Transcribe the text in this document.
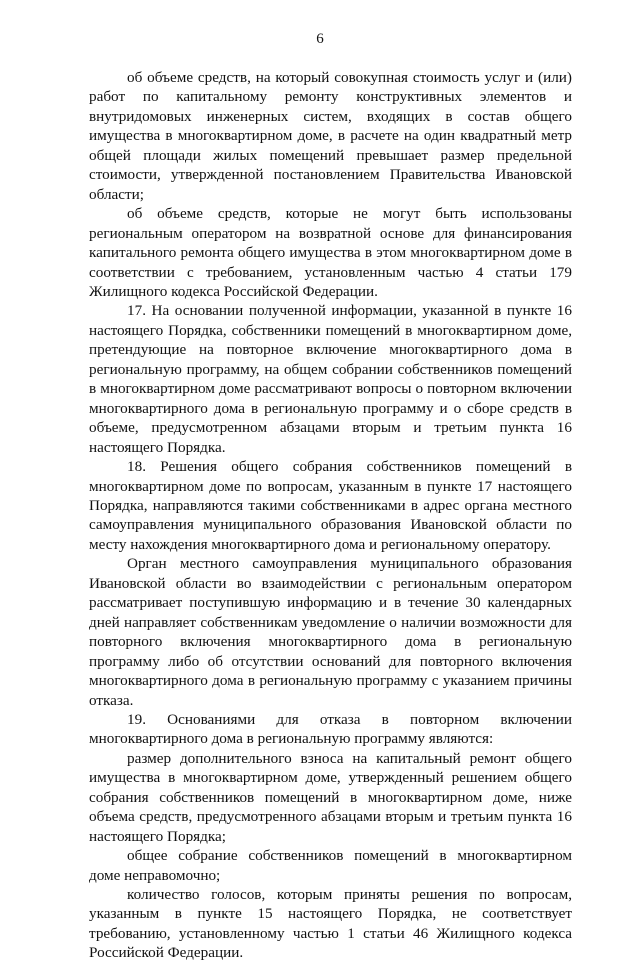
6

об объеме средств, на который совокупная стоимость услуг и (или) работ по капитальному ремонту конструктивных элементов и внутридомовых инженерных систем, входящих в состав общего имущества в многоквартирном доме, в расчете на один квадратный метр общей площади жилых помещений превышает размер предельной стоимости, утвержденной постановлением Правительства Ивановской области;

об объеме средств, которые не могут быть использованы региональным оператором на возвратной основе для финансирования капитального ремонта общего имущества в этом многоквартирном доме в соответствии с требованием, установленным частью 4 статьи 179 Жилищного кодекса Российской Федерации.

17. На основании полученной информации, указанной в пункте 16 настоящего Порядка, собственники помещений в многоквартирном доме, претендующие на повторное включение многоквартирного дома в региональную программу, на общем собрании собственников помещений в многоквартирном доме рассматривают вопросы о повторном включении многоквартирного дома в региональную программу и о сборе средств в объеме, предусмотренном абзацами вторым и третьим пункта 16 настоящего Порядка.

18. Решения общего собрания собственников помещений в многоквартирном доме по вопросам, указанным в пункте 17 настоящего Порядка, направляются такими собственниками в адрес органа местного самоуправления муниципального образования Ивановской области по месту нахождения многоквартирного дома и региональному оператору.

Орган местного самоуправления муниципального образования Ивановской области во взаимодействии с региональным оператором рассматривает поступившую информацию и в течение 30 календарных дней направляет собственникам уведомление о наличии возможности для повторного включения многоквартирного дома в региональную программу либо об отсутствии оснований для повторного включения многоквартирного дома в региональную программу с указанием причины отказа.

19. Основаниями для отказа в повторном включении многоквартирного дома в региональную программу являются:

размер дополнительного взноса на капитальный ремонт общего имущества в многоквартирном доме, утвержденный решением общего собрания собственников помещений в многоквартирном доме, ниже объема средств, предусмотренного абзацами вторым и третьим пункта 16 настоящего Порядка;

общее собрание собственников помещений в многоквартирном доме неправомочно;

количество голосов, которым приняты решения по вопросам, указанным в пункте 15 настоящего Порядка, не соответствует требованию, установленному частью 1 статьи 46 Жилищного кодекса Российской Федерации.
